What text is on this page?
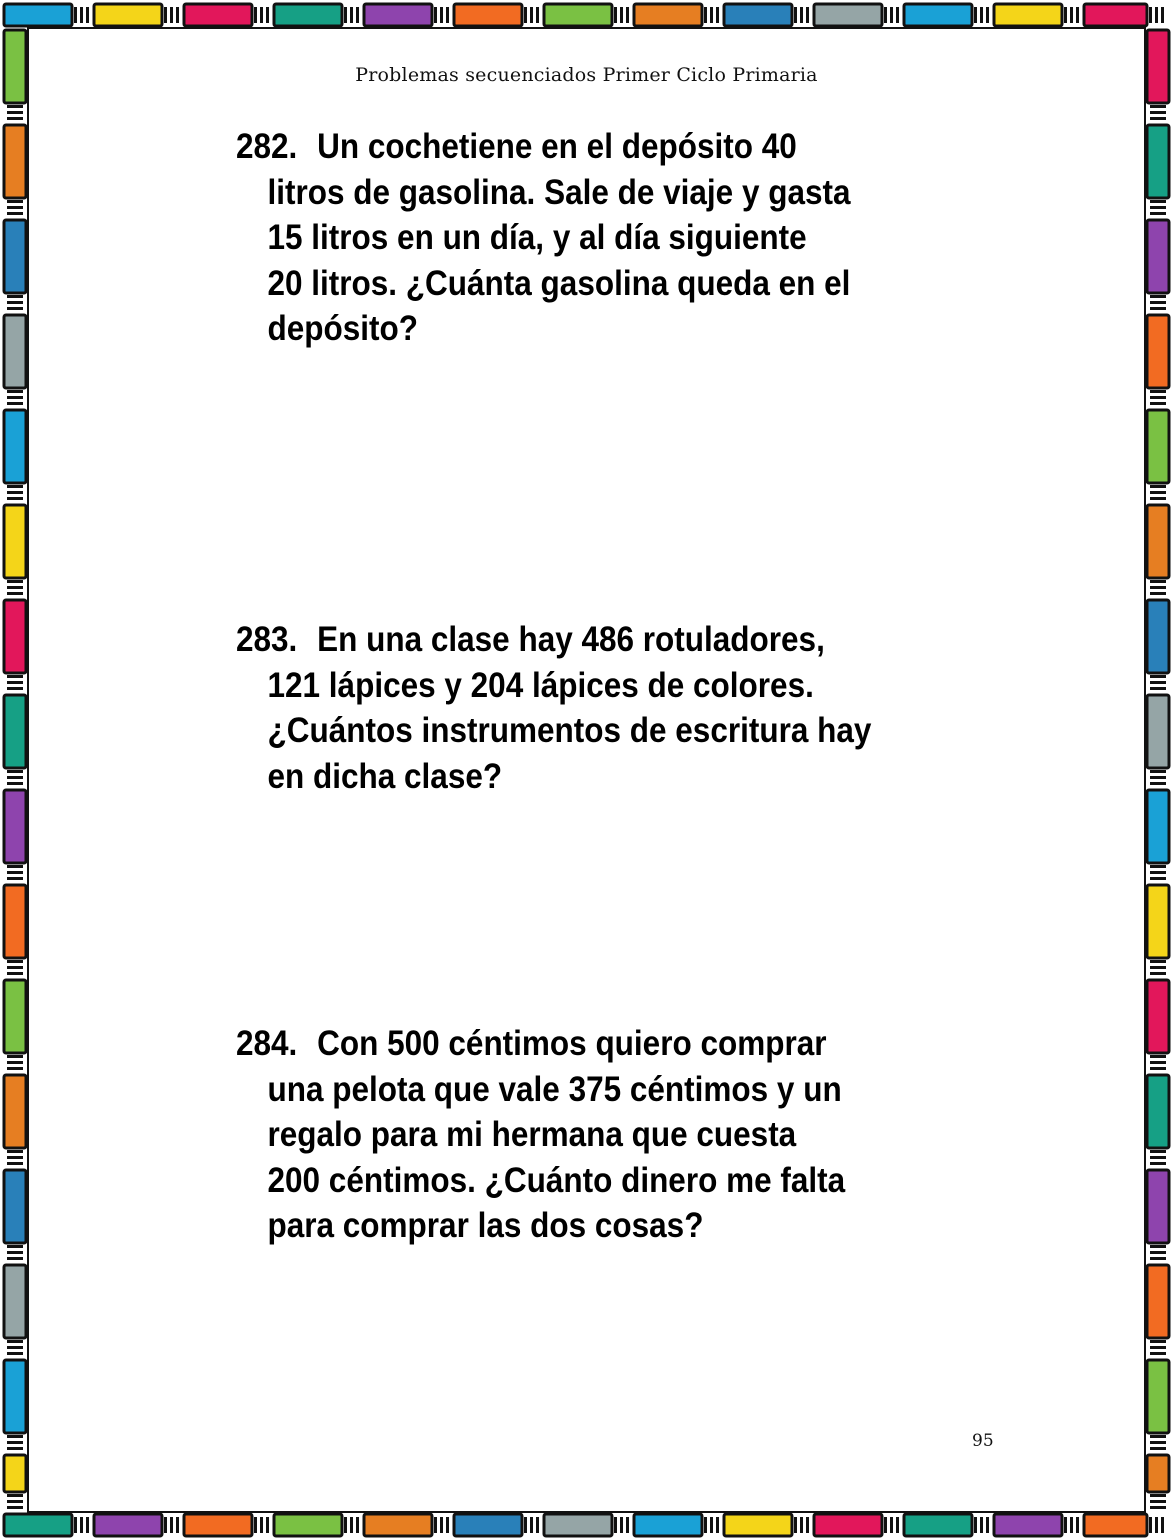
Problemas secuenciados Primer Ciclo Primaria
282. Un cochetiene en el depósito 40
litros de gasolina. Sale de viaje y gasta
15 litros en un día, y al día siguiente
20 litros. ¿Cuánta gasolina queda en el
depósito?
283. En una clase hay 486 rotuladores,
121 lápices y 204 lápices de colores.
¿Cuántos instrumentos de escritura hay
en dicha clase?
284. Con 500 céntimos quiero comprar
una pelota que vale 375 céntimos y un
regalo para mi hermana que cuesta
200 céntimos. ¿Cuánto dinero me falta
para comprar las dos cosas?
95
